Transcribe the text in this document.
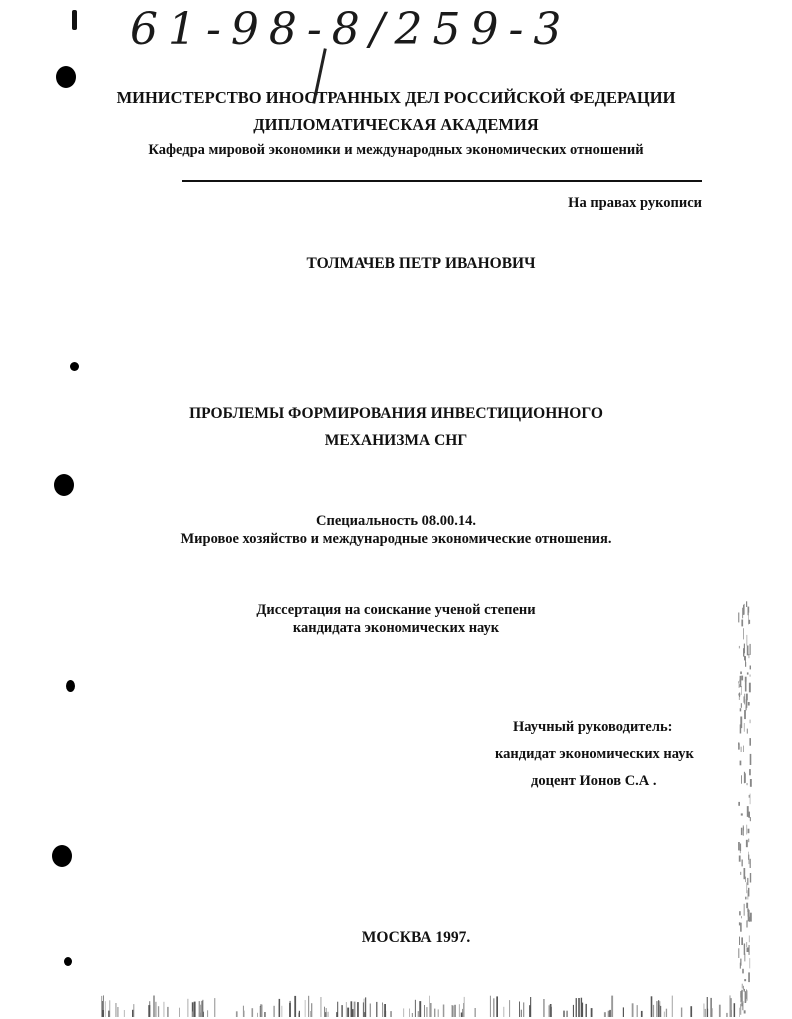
61-98-8/259-3
МИНИСТЕРСТВО ИНОСТРАННЫХ ДЕЛ РОССИЙСКОЙ ФЕДЕРАЦИИ
ДИПЛОМАТИЧЕСКАЯ АКАДЕМИЯ
Кафедра мировой экономики и международных экономических отношений
На правах рукописи
ТОЛМАЧЕВ ПЕТР ИВАНОВИЧ
ПРОБЛЕМЫ ФОРМИРОВАНИЯ ИНВЕСТИЦИОННОГО
МЕХАНИЗМА СНГ
Специальность 08.00.14.
Мировое хозяйство и международные экономические отношения.
Диссертация на соискание ученой степени
кандидата экономических наук
Научный руководитель:
кандидат экономических наук
доцент Ионов С.А .
МОСКВА 1997.
